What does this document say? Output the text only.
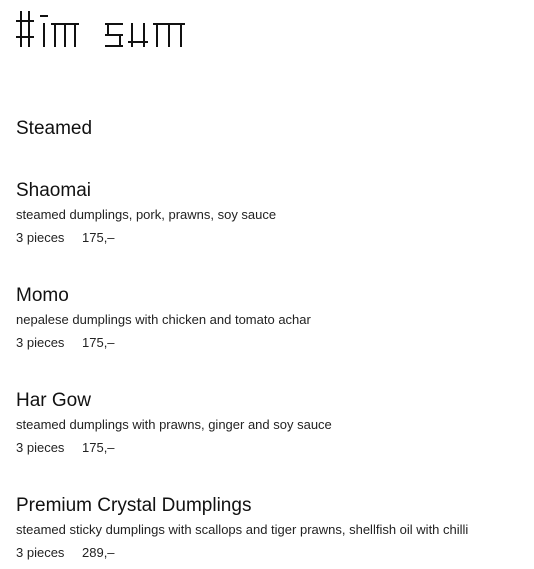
Steamed
Shaomai

steamed dumplings, pork, prawns, soy sauce

3 pieces 175,–
Momo

nepalese dumplings with chicken and tomato achar

3 pieces 175,–
Har Gow

steamed dumplings with prawns, ginger and soy sauce

3 pieces 175,–
Premium Crystal Dumplings

steamed sticky dumplings with scallops and tiger prawns, shellfish oil with chilli

3 pieces 289,–
